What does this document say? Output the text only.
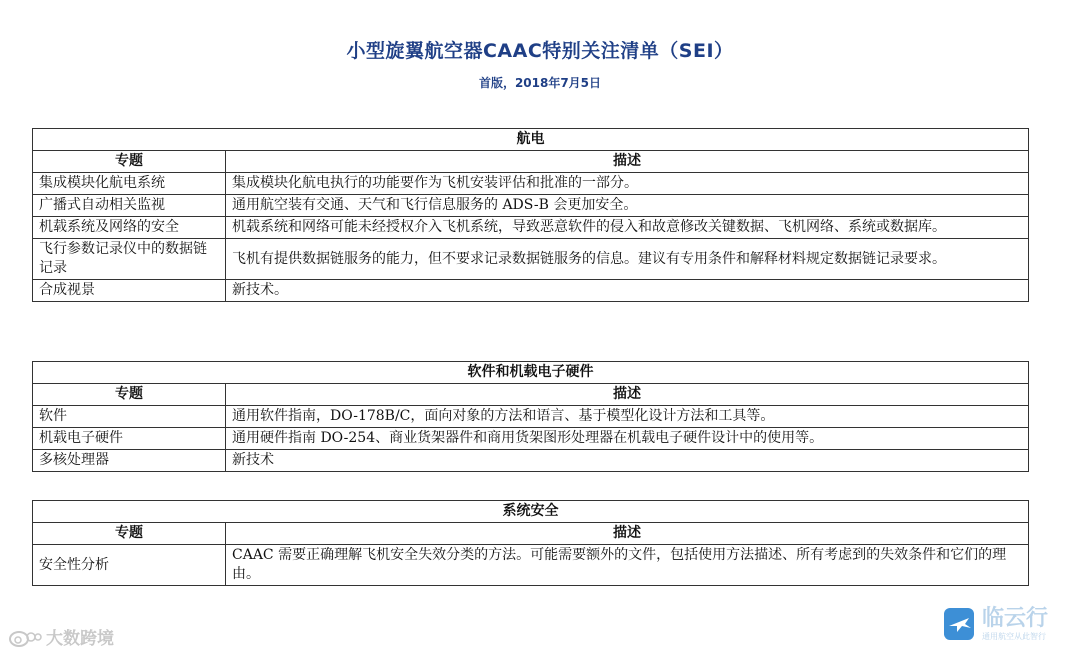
小型旋翼航空器CAAC特别关注清单（SEI）
首版，2018年7月5日
航电	
专题	描述
集成模块化航电系统	集成模块化航电执行的功能要作为飞机安装评估和批准的一部分。
广播式自动相关监视	通用航空装有交通、天气和飞行信息服务的 ADS-B 会更加安全。
机载系统及网络的安全	机载系统和网络可能未经授权介入飞机系统，导致恶意软件的侵入和故意修改关键数据、飞机网络、系统或数据库。
飞行参数记录仪中的数据链记录	飞机有提供数据链服务的能力，但不要求记录数据链服务的信息。建议有专用条件和解释材料规定数据链记录要求。
合成视景	新技术。
软件和机载电子硬件	
专题	描述
软件	通用软件指南，DO-178B/C，面向对象的方法和语言、基于模型化设计方法和工具等。
机载电子硬件	通用硬件指南 DO-254、商业货架器件和商用货架图形处理器在机载电子硬件设计中的使用等。
多核处理器	新技术
系统安全	
专题	描述
安全性分析	CAAC 需要正确理解飞机安全失效分类的方法。可能需要额外的文件，包括使用方法描述、所有考虑到的失效条件和它们的理由。
大数跨境
临云行
通用航空从此智行
